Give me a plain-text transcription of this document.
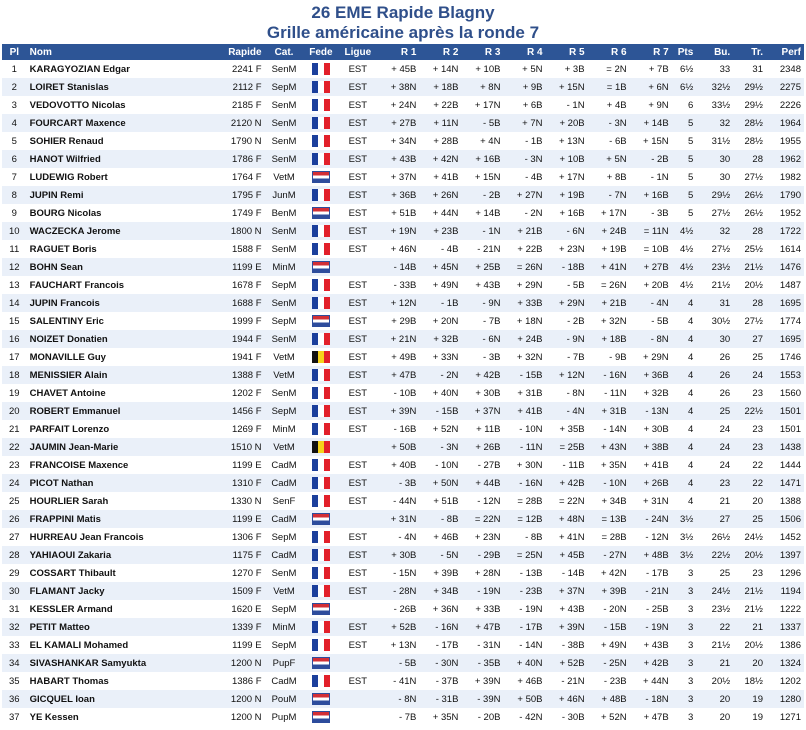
26 EME Rapide Blagny
Grille américaine après la ronde 7
Pl	Nom	Rapide	Cat.	Fede	Ligue	R 1	R 2	R 3	R 4	R 5	R 6	R 7	Pts	Bu.	Tr.	Perf
1	KARAGYOZIAN Edgar	2241 F	SenM		EST	+ 45B	+ 14N	+ 10B	+ 5N	+ 3B	= 2N	+ 7B	6½	33	31	2348
2	LOIRET Stanislas	2112 F	SepM		EST	+ 38N	+ 18B	+ 8N	+ 9B	+ 15N	= 1B	+ 6N	6½	32½	29½	2275
3	VEDOVOTTO Nicolas	2185 F	SenM		EST	+ 24N	+ 22B	+ 17N	+ 6B	- 1N	+ 4B	+ 9N	6	33½	29½	2226
4	FOURCART Maxence	2120 N	SenM		EST	+ 27B	+ 11N	- 5B	+ 7N	+ 20B	- 3N	+ 14B	5	32	28½	1964
5	SOHIER Renaud	1790 N	SenM		EST	+ 34N	+ 28B	+ 4N	- 1B	+ 13N	- 6B	+ 15N	5	31½	28½	1955
6	HANOT Wilfried	1786 F	SenM		EST	+ 43B	+ 42N	+ 16B	- 3N	+ 10B	+ 5N	- 2B	5	30	28	1962
7	LUDEWIG Robert	1764 F	VetM		EST	+ 37N	+ 41B	+ 15N	- 4B	+ 17N	+ 8B	- 1N	5	30	27½	1982
8	JUPIN Remi	1795 F	JunM		EST	+ 36B	+ 26N	- 2B	+ 27N	+ 19B	- 7N	+ 16B	5	29½	26½	1790
9	BOURG Nicolas	1749 F	BenM		EST	+ 51B	+ 44N	+ 14B	- 2N	+ 16B	+ 17N	- 3B	5	27½	26½	1952
10	WACZECKA Jerome	1800 N	SenM		EST	+ 19N	+ 23B	- 1N	+ 21B	- 6N	+ 24B	= 11N	4½	32	28	1722
11	RAGUET Boris	1588 F	SenM		EST	+ 46N	- 4B	- 21N	+ 22B	+ 23N	+ 19B	= 10B	4½	27½	25½	1614
12	BOHN Sean	1199 E	MinM			- 14B	+ 45N	+ 25B	= 26N	- 18B	+ 41N	+ 27B	4½	23½	21½	1476
13	FAUCHART Francois	1678 F	SepM		EST	- 33B	+ 49N	+ 43B	+ 29N	- 5B	= 26N	+ 20B	4½	21½	20½	1487
14	JUPIN Francois	1688 F	SenM		EST	+ 12N	- 1B	- 9N	+ 33B	+ 29N	+ 21B	- 4N	4	31	28	1695
15	SALENTINY Eric	1999 F	SepM		EST	+ 29B	+ 20N	- 7B	+ 18N	- 2B	+ 32N	- 5B	4	30½	27½	1774
16	NOIZET Donatien	1944 F	SenM		EST	+ 21N	+ 32B	- 6N	+ 24B	- 9N	+ 18B	- 8N	4	30	27	1695
17	MONAVILLE Guy	1941 F	VetM		EST	+ 49B	+ 33N	- 3B	+ 32N	- 7B	- 9B	+ 29N	4	26	25	1746
18	MENISSIER Alain	1388 F	VetM		EST	+ 47B	- 2N	+ 42B	- 15B	+ 12N	- 16N	+ 36B	4	26	24	1553
19	CHAVET Antoine	1202 F	SenM		EST	- 10B	+ 40N	+ 30B	+ 31B	- 8N	- 11N	+ 32B	4	26	23	1560
20	ROBERT Emmanuel	1456 F	SepM		EST	+ 39N	- 15B	+ 37N	+ 41B	- 4N	+ 31B	- 13N	4	25	22½	1501
21	PARFAIT Lorenzo	1269 F	MinM		EST	- 16B	+ 52N	+ 11B	- 10N	+ 35B	- 14N	+ 30B	4	24	23	1501
22	JAUMIN Jean-Marie	1510 N	VetM			+ 50B	- 3N	+ 26B	- 11N	= 25B	+ 43N	+ 38B	4	24	23	1438
23	FRANCOISE Maxence	1199 E	CadM		EST	+ 40B	- 10N	- 27B	+ 30N	- 11B	+ 35N	+ 41B	4	24	22	1444
24	PICOT Nathan	1310 F	CadM		EST	- 3B	+ 50N	+ 44B	- 16N	+ 42B	- 10N	+ 26B	4	23	22	1471
25	HOURLIER Sarah	1330 N	SenF		EST	- 44N	+ 51B	- 12N	= 28B	= 22N	+ 34B	+ 31N	4	21	20	1388
26	FRAPPINI Matis	1199 E	CadM			+ 31N	- 8B	= 22N	= 12B	+ 48N	= 13B	- 24N	3½	27	25	1506
27	HURREAU Jean Francois	1306 F	SepM		EST	- 4N	+ 46B	+ 23N	- 8B	+ 41N	= 28B	- 12N	3½	26½	24½	1452
28	YAHIAOUI Zakaria	1175 F	CadM		EST	+ 30B	- 5N	- 29B	= 25N	+ 45B	- 27N	+ 48B	3½	22½	20½	1397
29	COSSART Thibault	1270 F	SenM		EST	- 15N	+ 39B	+ 28N	- 13B	- 14B	+ 42N	- 17B	3	25	23	1296
30	FLAMANT Jacky	1509 F	VetM		EST	- 28N	+ 34B	- 19N	- 23B	+ 37N	+ 39B	- 21N	3	24½	21½	1194
31	KESSLER Armand	1620 E	SepM			- 26B	+ 36N	+ 33B	- 19N	+ 43B	- 20N	- 25B	3	23½	21½	1222
32	PETIT Matteo	1339 F	MinM		EST	+ 52B	- 16N	+ 47B	- 17B	+ 39N	- 15B	- 19N	3	22	21	1337
33	EL KAMALI Mohamed	1199 E	SepM		EST	+ 13N	- 17B	- 31N	- 14N	- 38B	+ 49N	+ 43B	3	21½	20½	1386
34	SIVASHANKAR Samyukta	1200 N	PupF			- 5B	- 30N	- 35B	+ 40N	+ 52B	- 25N	+ 42B	3	21	20	1324
35	HABART Thomas	1386 F	CadM		EST	- 41N	- 37B	+ 39N	+ 46B	- 21N	- 23B	+ 44N	3	20½	18½	1202
36	GICQUEL Ioan	1200 N	PouM			- 8N	- 31B	- 39N	+ 50B	+ 46N	+ 48B	- 18N	3	20	19	1280
37	YE Kessen	1200 N	PupM			- 7B	+ 35N	- 20B	- 42N	- 30B	+ 52N	+ 47B	3	20	19	1271
